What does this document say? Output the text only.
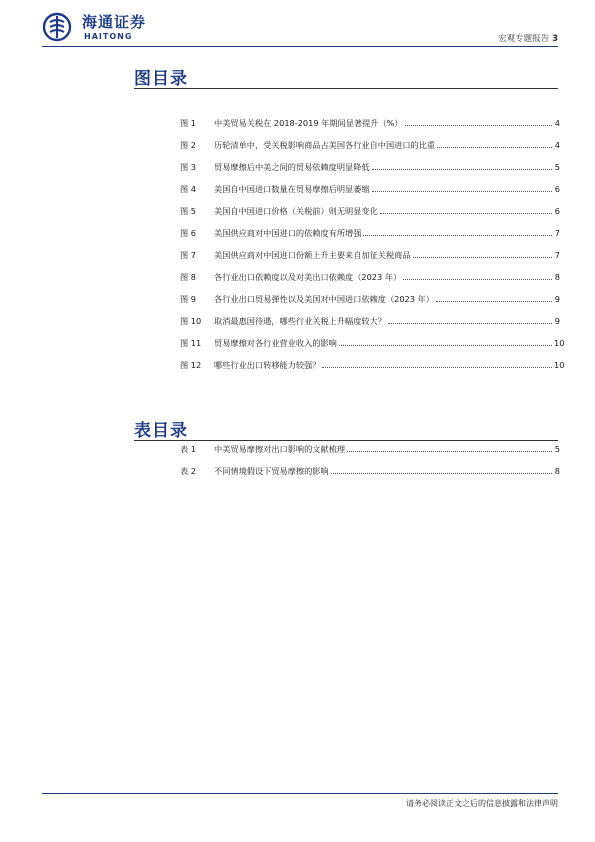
海通证券
HAITONG	宏观专题报告 3
图目录
图 1	中美贸易关税在 2018-2019 年期间显著提升（%）	4
图 2	历轮清单中，受关税影响商品占美国各行业自中国进口的比重	4
图 3	贸易摩擦后中美之间的贸易依赖度明显降低	5
图 4	美国自中国进口数量在贸易摩擦后明显萎缩	6
图 5	美国自中国进口价格（关税前）则无明显变化	6
图 6	美国供应商对中国进口的依赖度有所增强	7
图 7	美国供应商对中国进口份额上升主要来自加征关税商品	7
图 8	各行业出口依赖度以及对美出口依赖度（2023 年）	8
图 9	各行业出口贸易弹性以及美国对中国进口依赖度（2023 年）	9
图 10	取消最惠国待遇，哪些行业关税上升幅度较大？	9
图 11	贸易摩擦对各行业营业收入的影响	10
图 12	哪些行业出口转移能力较强？	10
表目录
表 1	中美贸易摩擦对出口影响的文献梳理	5
表 2	不同情境假设下贸易摩擦的影响	8
请务必阅读正文之后的信息披露和法律声明
